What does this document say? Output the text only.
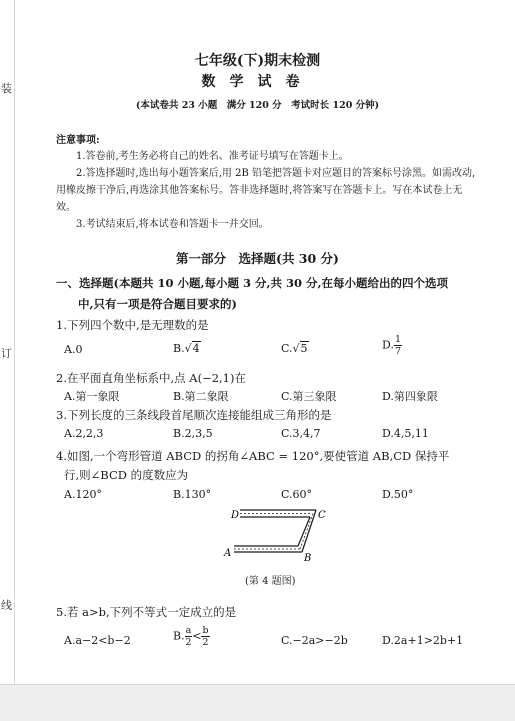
装
订
线
七年级(下)期末检测
数学试卷
(本试卷共 23 小题　满分 120 分　考试时长 120 分钟)
注意事项:
1.答卷前,考生务必将自己的姓名、准考证号填写在答题卡上。
2.答选择题时,选出每小题答案后,用 2B 铅笔把答题卡对应题目的答案标号涂黑。如需改动,用橡皮擦干净后,再选涂其他答案标号。答非选择题时,将答案写在答题卡上。写在本试卷上无效。
3.考试结束后,将本试卷和答题卡一并交回。
第一部分　选择题(共 30 分)
一、选择题(本题共 10 小题,每小题 3 分,共 30 分,在每小题给出的四个选项
中,只有一项是符合题目要求的)
1.下列四个数中,是无理数的是
A.0	B.√4	C.√5	D. $\frac{1}{7}$
2.在平面直角坐标系中,点 A(−2,1)在
A.第一象限	B.第二象限	C.第三象限	D.第四象限
3.下列长度的三条线段首尾顺次连接能组成三角形的是
A.2,2,3	B.2,3,5	C.3,4,7	D.4,5,11
4.如图,一个弯形管道 ABCD 的拐角∠ABC = 120°,要使管道 AB,CD 保持平
行,则∠BCD 的度数应为
A.120°	B.130°	C.60°	D.50°
D	C
A	B
(第 4 题图)
5.若 a>b,下列不等式一定成立的是
A.a−2<b−2	B. $\frac{a}{2} < \frac{b}{2}$	C.−2a>−2b	D.2a+1>2b+1
